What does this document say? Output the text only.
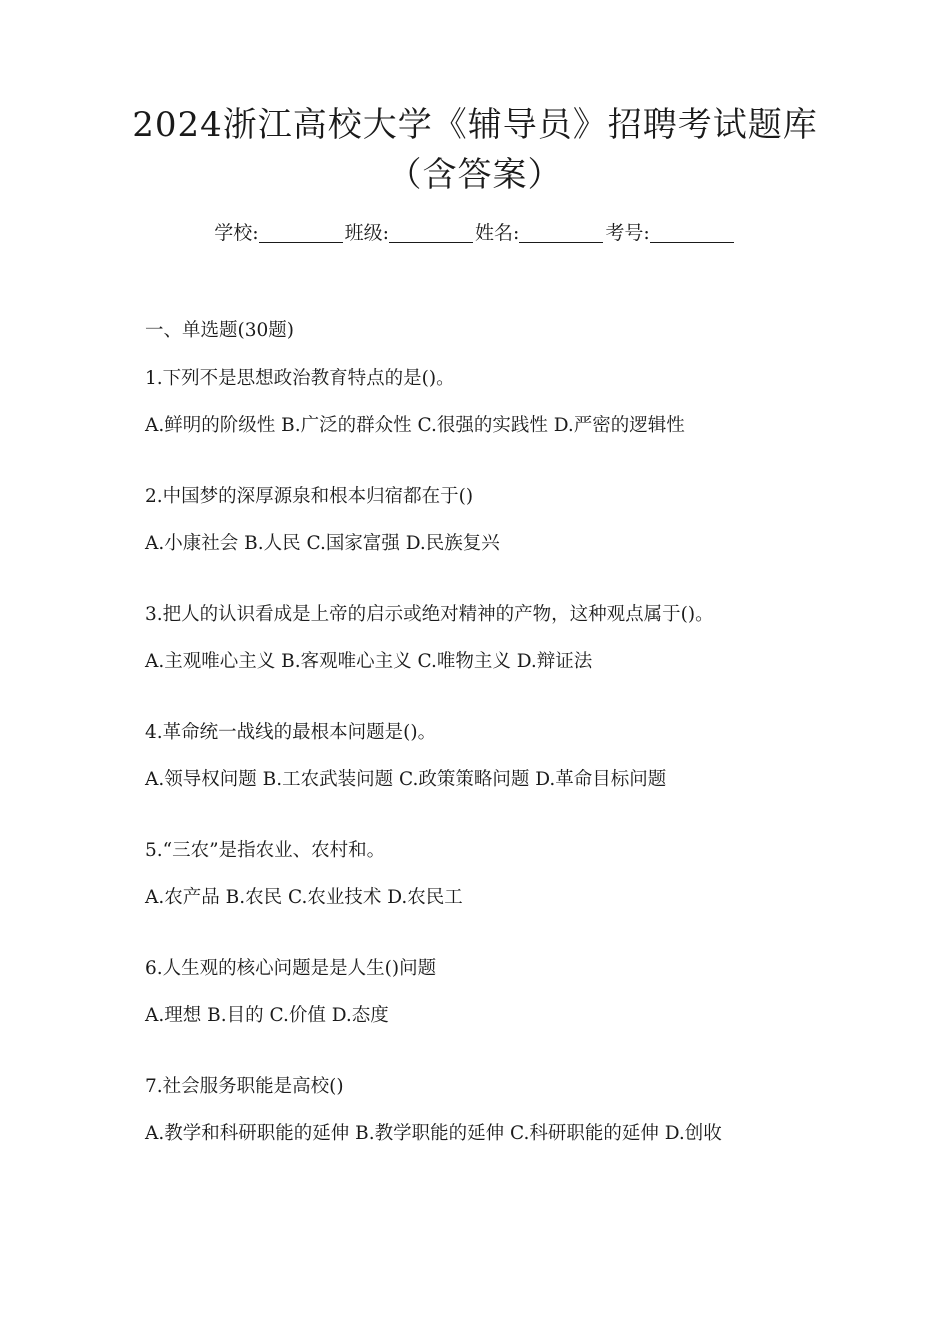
2024浙江高校大学《辅导员》招聘考试题库
（含答案）
学校:	班级:	姓名:	考号:
一、单选题(30题)
1.下列不是思想政治教育特点的是()。
A.鲜明的阶级性 B.广泛的群众性 C.很强的实践性 D.严密的逻辑性
2.中国梦的深厚源泉和根本归宿都在于()
A.小康社会 B.人民 C.国家富强 D.民族复兴
3.把人的认识看成是上帝的启示或绝对精神的产物，这种观点属于()。
A.主观唯心主义 B.客观唯心主义 C.唯物主义 D.辩证法
4.革命统一战线的最根本问题是()。
A.领导权问题 B.工农武装问题 C.政策策略问题 D.革命目标问题
5.“三农”是指农业、农村和。
A.农产品 B.农民 C.农业技术 D.农民工
6.人生观的核心问题是是人生()问题
A.理想 B.目的 C.价值 D.态度
7.社会服务职能是高校()
A.教学和科研职能的延伸 B.教学职能的延伸 C.科研职能的延伸 D.创收
